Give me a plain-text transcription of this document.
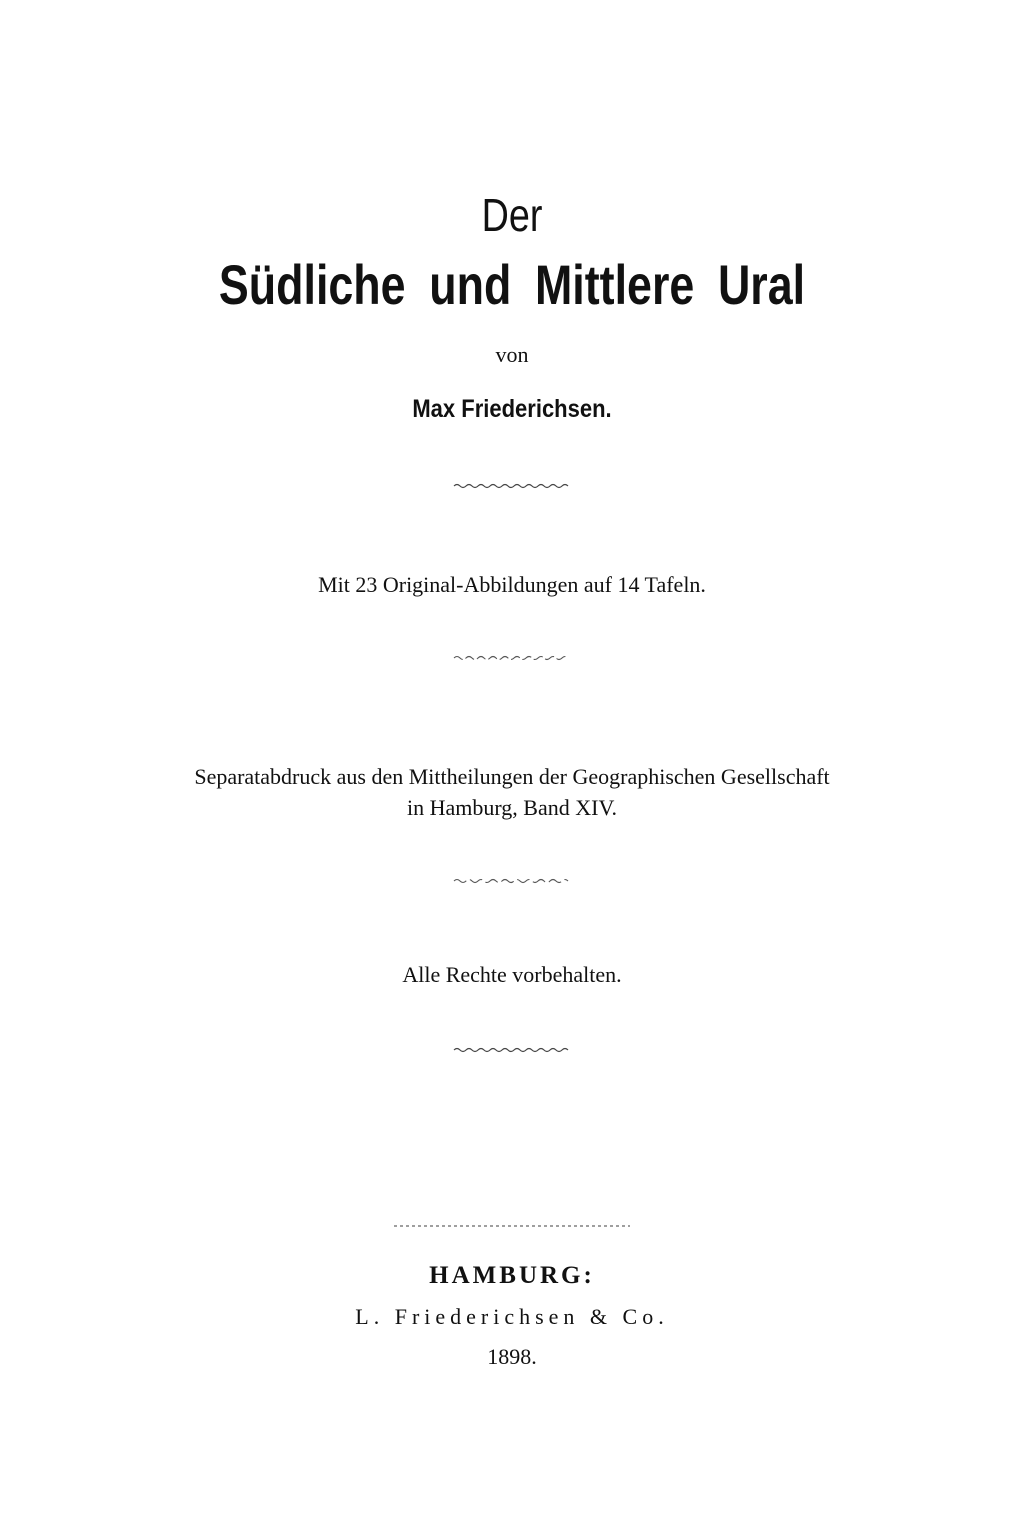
Der
Südliche und Mittlere Ural
von
Max Friederichsen.
Mit 23 Original-Abbildungen auf 14 Tafeln.
Separatabdruck aus den Mittheilungen der Geographischen Gesellschaft
in Hamburg, Band XIV.
Alle Rechte vorbehalten.
HAMBURG:
L. Friederichsen & Co.
1898.
